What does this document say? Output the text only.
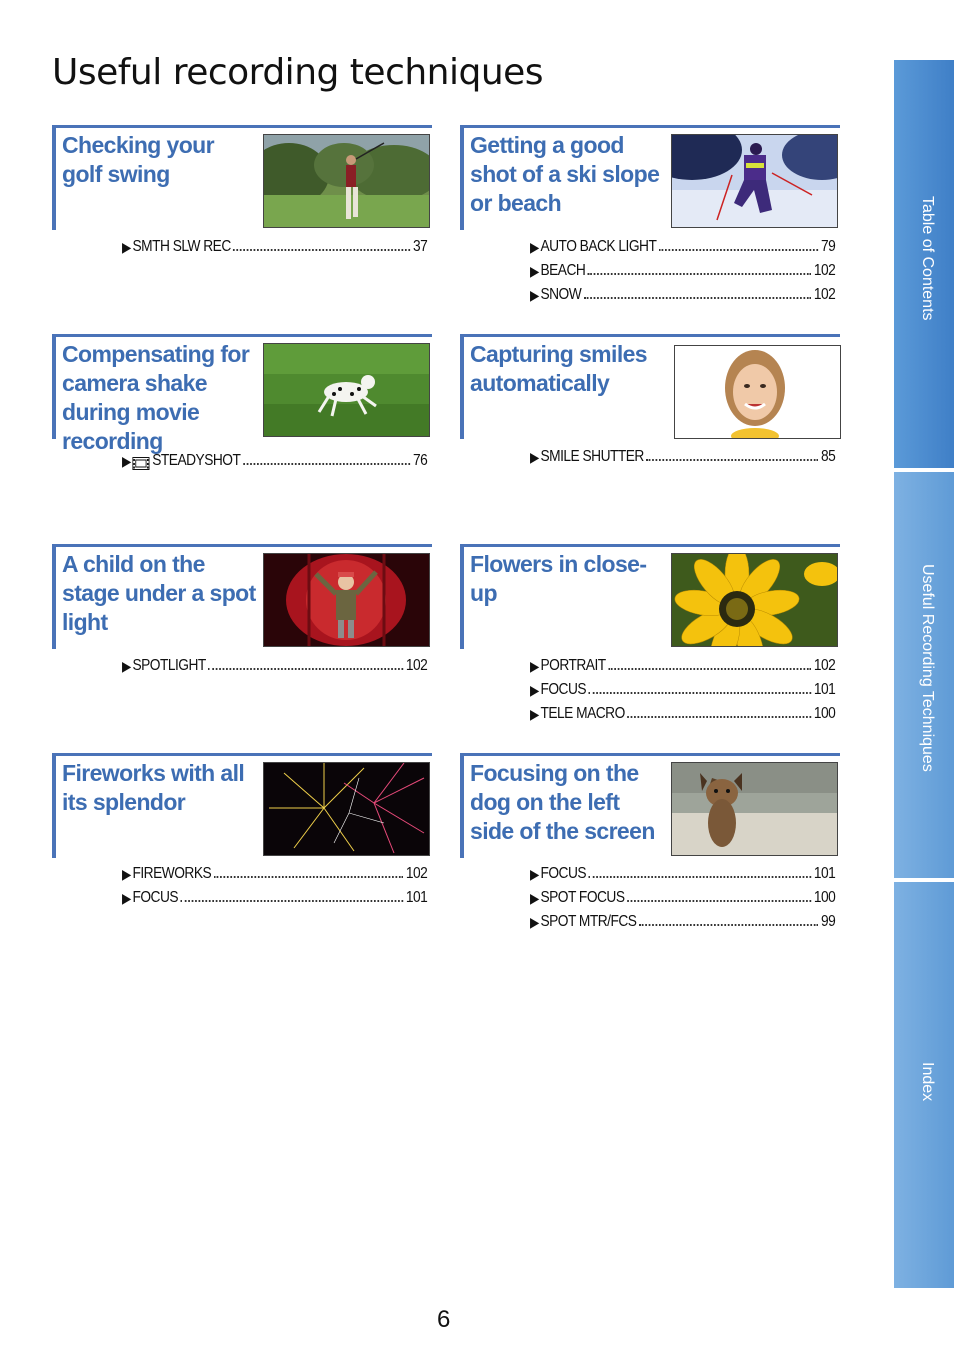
Useful recording techniques
Checking your golf swing
▶ SMTH SLW REC	37
Getting a good shot of a ski slope or beach
▶ AUTO BACK LIGHT	79
▶ BEACH	102
▶ SNOW	102
Compensating for camera shake during movie recording
▶ STEADYSHOT	76
Capturing smiles automatically
▶ SMILE SHUTTER	85
A child on the stage under a spot light
▶ SPOTLIGHT	102
Flowers in close-up
▶ PORTRAIT	102
▶ FOCUS	101
▶ TELE MACRO	100
Fireworks with all its splendor
▶ FIREWORKS	102
▶ FOCUS	101
Focusing on the dog on the left side of the screen
▶ FOCUS	101
▶ SPOT FOCUS	100
▶ SPOT MTR/FCS	99
Table of Contents
Useful Recording Techniques
Index
6
